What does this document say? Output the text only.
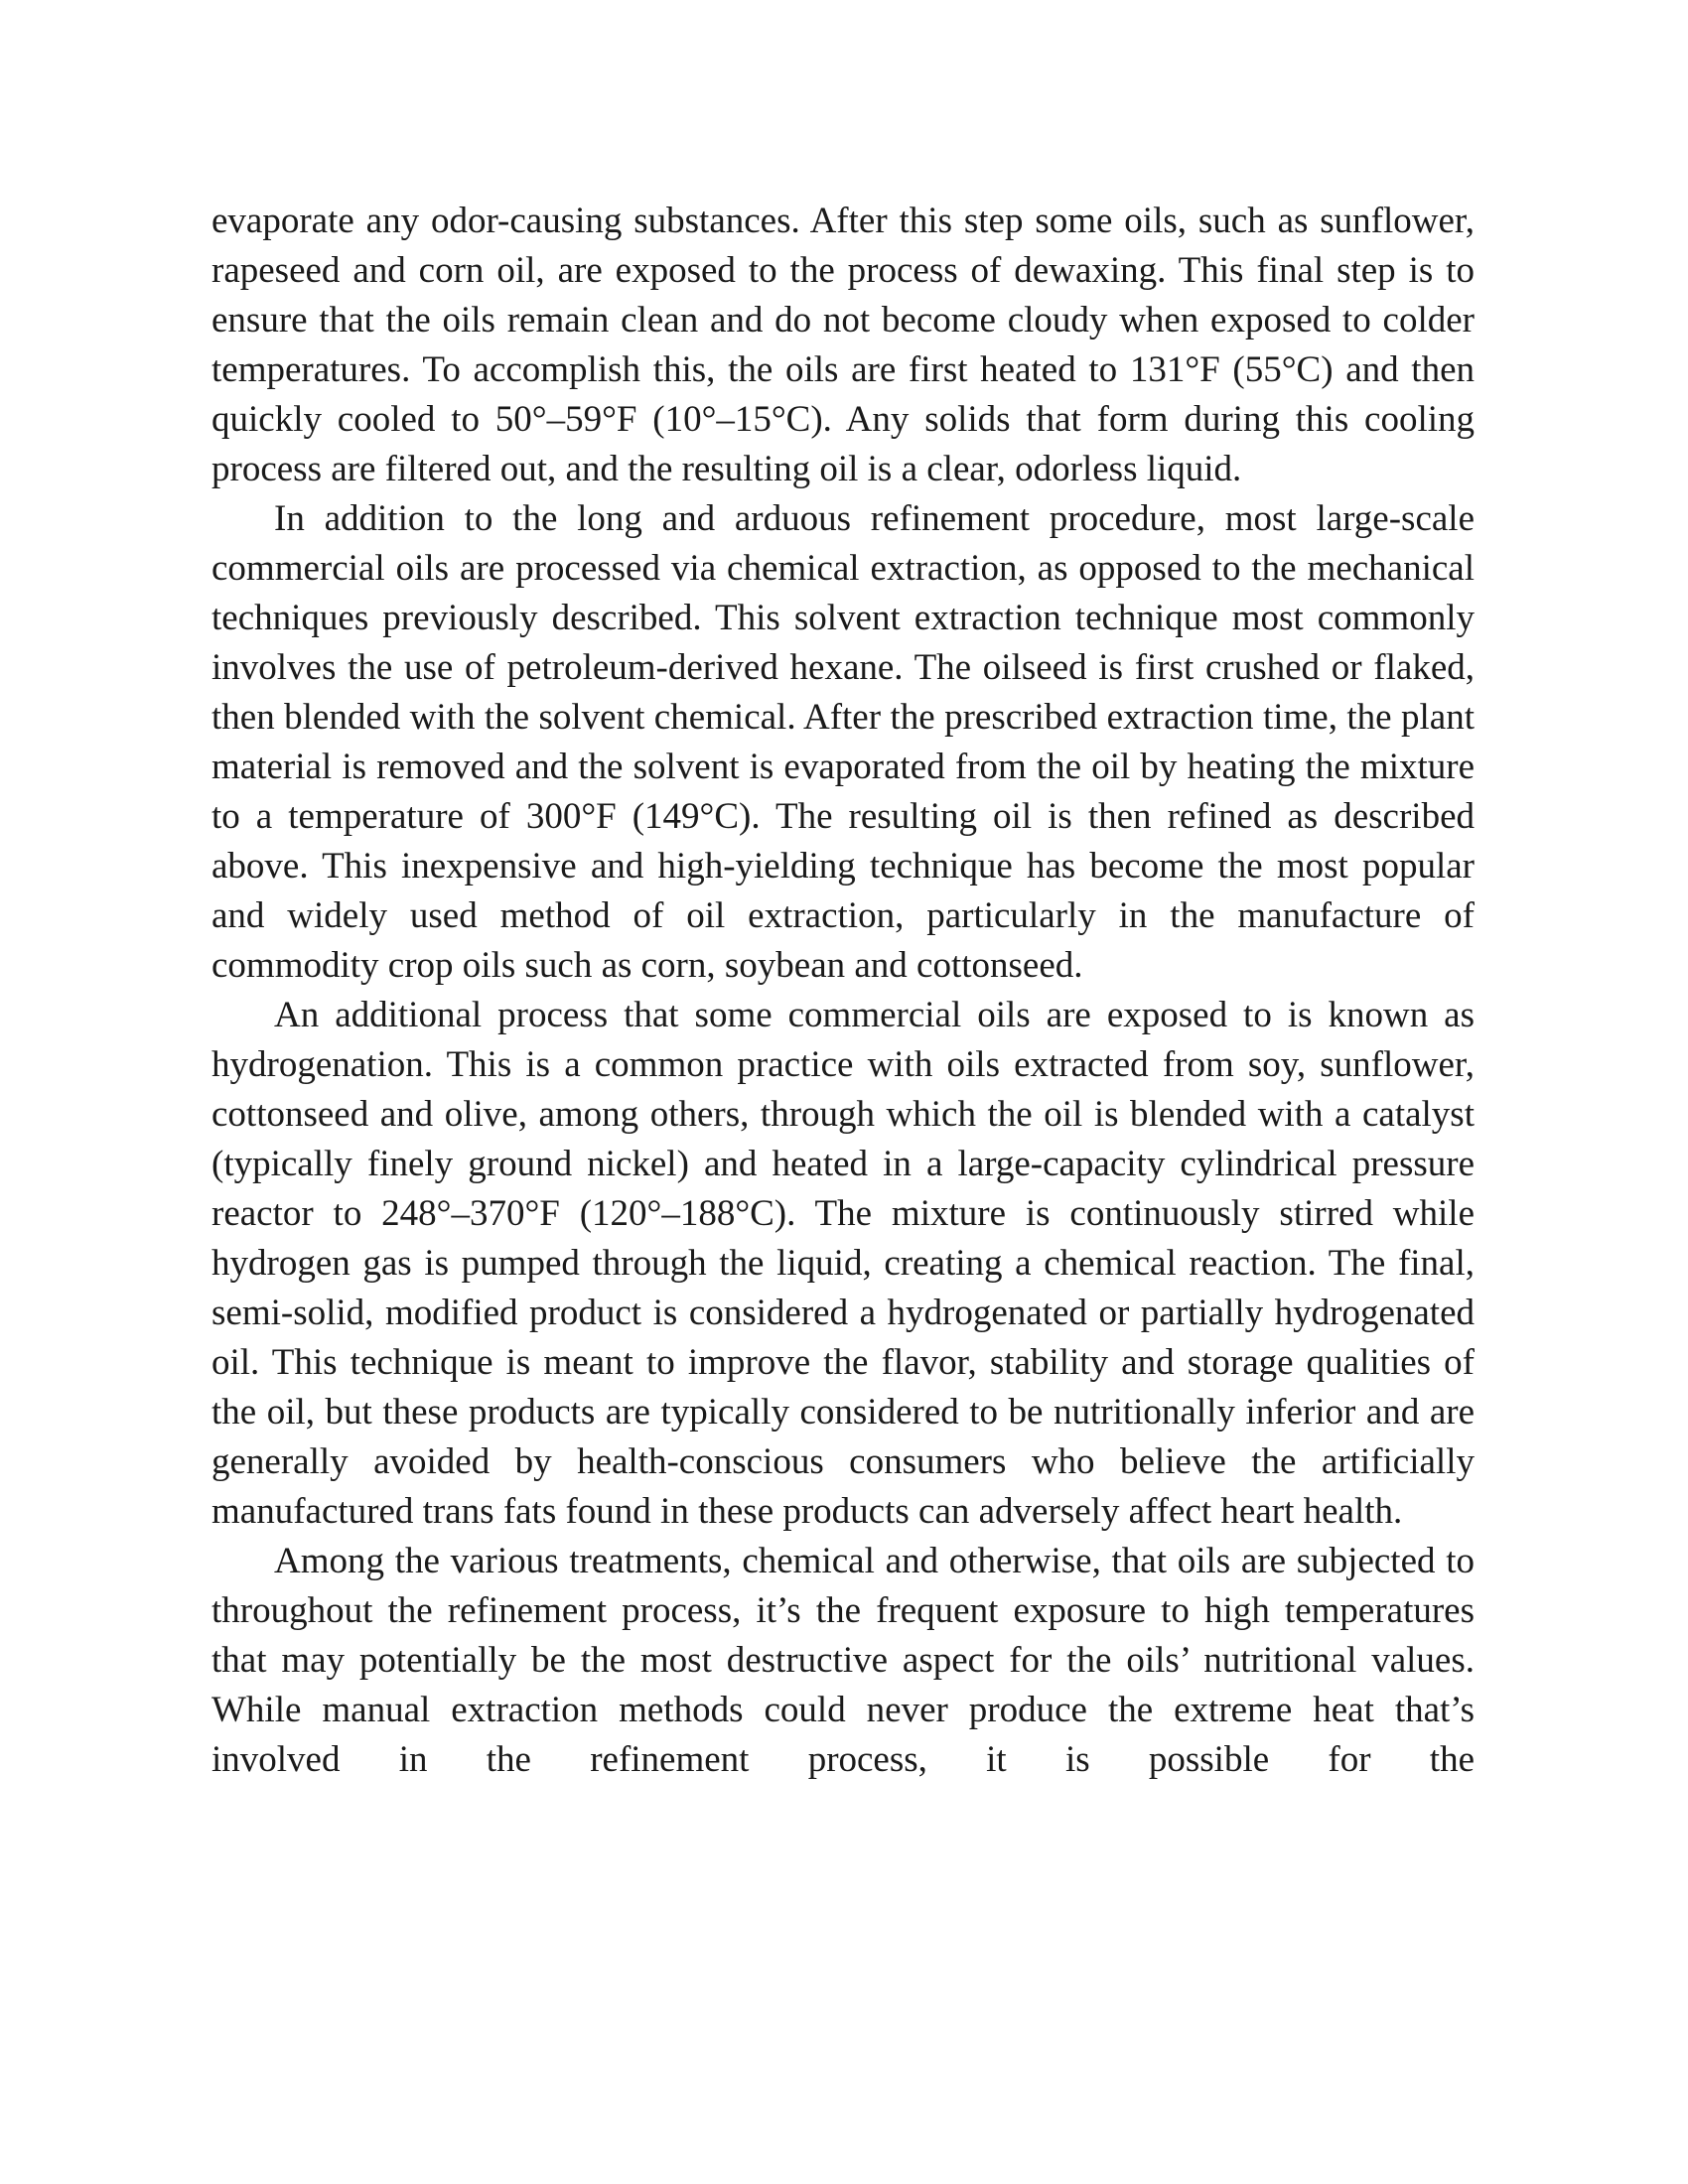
evaporate any odor-causing substances. After this step some oils, such as sunflower, rapeseed and corn oil, are exposed to the process of dewaxing. This final step is to ensure that the oils remain clean and do not become cloudy when exposed to colder temperatures. To accomplish this, the oils are first heated to 131°F (55°C) and then quickly cooled to 50°–59°F (10°–15°C). Any solids that form during this cooling process are filtered out, and the resulting oil is a clear, odorless liquid.

In addition to the long and arduous refinement procedure, most large-scale commercial oils are processed via chemical extraction, as opposed to the mechanical techniques previously described. This solvent extraction technique most commonly involves the use of petroleum-derived hexane. The oilseed is first crushed or flaked, then blended with the solvent chemical. After the prescribed extraction time, the plant material is removed and the solvent is evaporated from the oil by heating the mixture to a temperature of 300°F (149°C). The resulting oil is then refined as described above. This inexpensive and high-yielding technique has become the most popular and widely used method of oil extraction, particularly in the manufacture of commodity crop oils such as corn, soybean and cottonseed.

An additional process that some commercial oils are exposed to is known as hydrogenation. This is a common practice with oils extracted from soy, sunflower, cottonseed and olive, among others, through which the oil is blended with a catalyst (typically finely ground nickel) and heated in a large-capacity cylindrical pressure reactor to 248°–370°F (120°–188°C). The mixture is continuously stirred while hydrogen gas is pumped through the liquid, creating a chemical reaction. The final, semi-solid, modified product is considered a hydrogenated or partially hydrogenated oil. This technique is meant to improve the flavor, stability and storage qualities of the oil, but these products are typically considered to be nutritionally inferior and are generally avoided by health-conscious consumers who believe the artificially manufactured trans fats found in these products can adversely affect heart health.

Among the various treatments, chemical and otherwise, that oils are subjected to throughout the refinement process, it’s the frequent exposure to high temperatures that may potentially be the most destructive aspect for the oils’ nutritional values. While manual extraction methods could never produce the extreme heat that’s involved in the refinement process, it is possible for the
